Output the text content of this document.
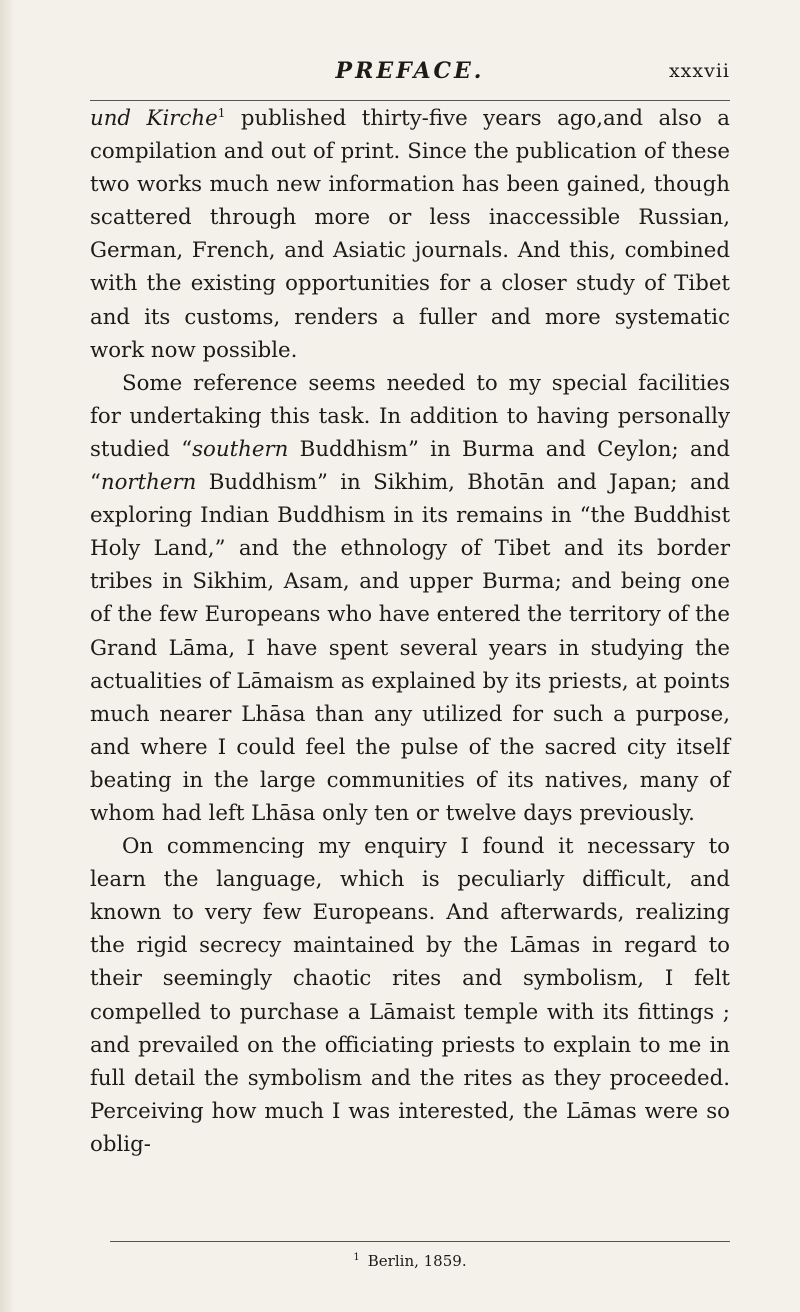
PREFACE.	xxxvii

und Kirche$^1$ published thirty-five years ago,and also a compilation and out of print. Since the publication of these two works much new information has been gained, though scattered through more or less inaccessible Russian, German, French, and Asiatic journals. And this, combined with the existing opportunities for a closer study of Tibet and its customs, renders a fuller and more systematic work now possible.

Some reference seems needed to my special facilities for undertaking this task. In addition to having personally studied “southern Buddhism” in Burma and Ceylon; and “northern Buddhism” in Sikhim, Bhotān and Japan; and exploring Indian Buddhism in its remains in “the Buddhist Holy Land,” and the ethnology of Tibet and its border tribes in Sikhim, Asam, and upper Burma; and being one of the few Europeans who have entered the territory of the Grand Lāma, I have spent several years in studying the actualities of Lāmaism as explained by its priests, at points much nearer Lhāsa than any utilized for such a purpose, and where I could feel the pulse of the sacred city itself beating in the large communities of its natives, many of whom had left Lhāsa only ten or twelve days previously.

On commencing my enquiry I found it necessary to learn the language, which is peculiarly difficult, and known to very few Europeans. And afterwards, realizing the rigid secrecy maintained by the Lāmas in regard to their seemingly chaotic rites and symbolism, I felt compelled to purchase a Lāmaist temple with its fittings ; and prevailed on the officiating priests to explain to me in full detail the symbolism and the rites as they proceeded. Perceiving how much I was interested, the Lāmas were so oblig-

$^1$ Berlin, 1859.
